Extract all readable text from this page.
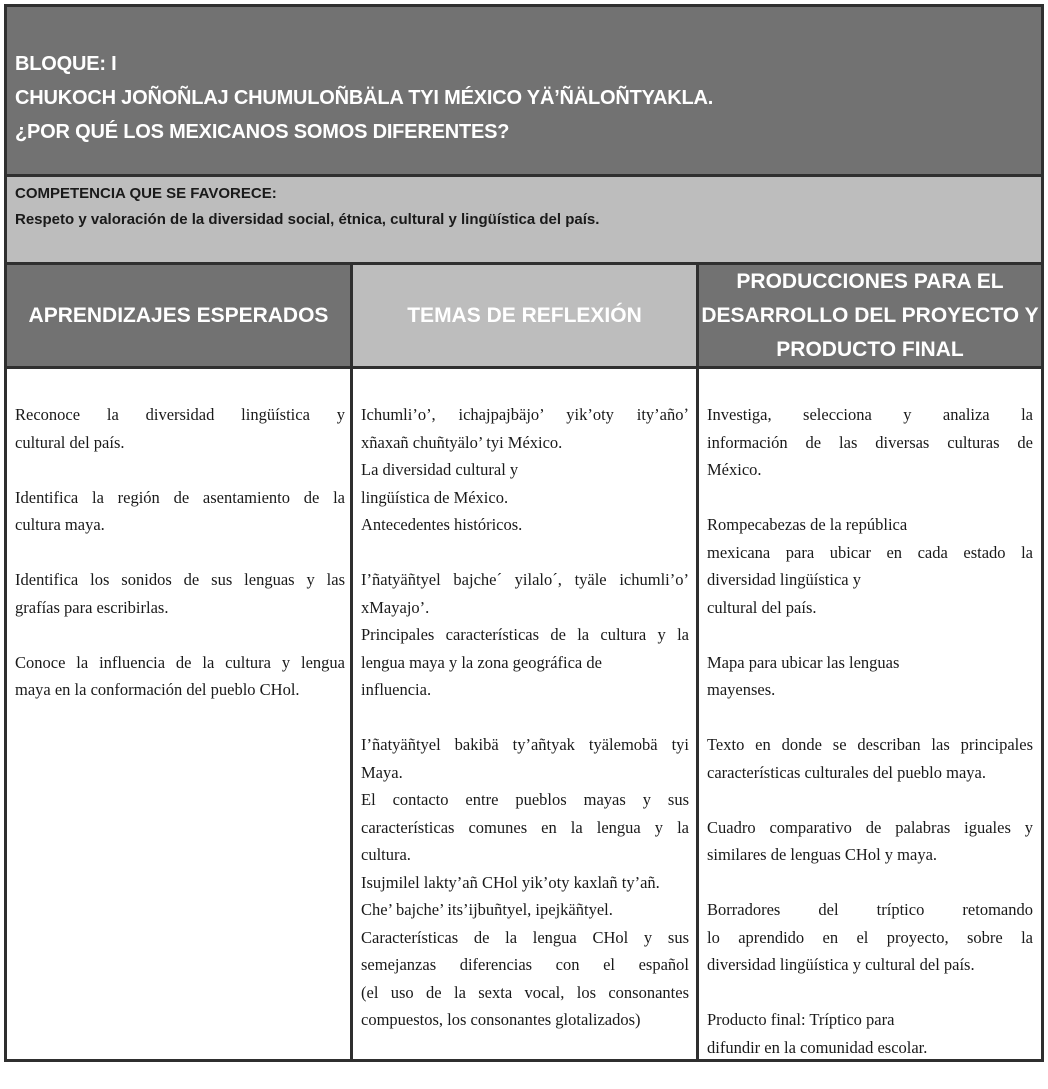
BLOQUE: I
CHUKOCH JOÑOÑLAJ CHUMULOÑBÄLA TYI MÉXICO YÄ’ÑÄLOÑTYAKLA.
¿POR QUÉ LOS MEXICANOS SOMOS DIFERENTES?
COMPETENCIA QUE SE FAVORECE:
Respeto y valoración de la diversidad social, étnica, cultural y lingüística del país.
APRENDIZAJES ESPERADOS	TEMAS DE REFLEXIÓN
PRODUCCIONES PARA EL
DESARROLLO DEL PROYECTO Y
PRODUCTO FINAL

Reconoce la diversidad lingüística y

cultural del país.

Identifica la región de asentamiento de la

cultura maya.

Identifica los sonidos de sus lenguas y las

grafías para escribirlas.

Conoce la influencia de la cultura y lengua

maya en la conformación del pueblo CHol.

Ichumli’o’, ichajpajbäjo’ yik’oty ity’añoʼ

xñaxañ chuñtyälo’ tyi México.

La diversidad cultural y

lingüística de México.

Antecedentes históricos.

I’ñatyäñtyel bajche´ yilalo´, tyäle ichumli’o’

xMayajo’.

Principales características de la cultura y la

lengua maya y la zona geográfica de

influencia.

I’ñatyäñtyel bakibä ty’añtyak tyälemobä tyi

Maya.

El contacto entre pueblos mayas y sus

características comunes en la lengua y la

cultura.

Isujmilel lakty’añ CHol yik’oty kaxlañ ty’añ.

Che’ bajche’ its’ijbuñtyel, ipejkäñtyel.

Características de la lengua CHol y sus

semejanzas diferencias con el español

(el uso de la sexta vocal, los consonantes

compuestos, los consonantes glotalizados)

Investiga, selecciona y analiza la

información de las diversas culturas de

México.

Rompecabezas de la república

mexicana para ubicar en cada estado la

diversidad lingüística y

cultural del país.

Mapa para ubicar las lenguas

mayenses.

Texto en donde se describan las principales

características culturales del pueblo maya.

Cuadro comparativo de palabras iguales y

similares de lenguas CHol y maya.

Borradores del tríptico retomando

lo aprendido en el proyecto, sobre la

diversidad lingüística y cultural del país.

Producto final: Tríptico para

difundir en la comunidad escolar.
